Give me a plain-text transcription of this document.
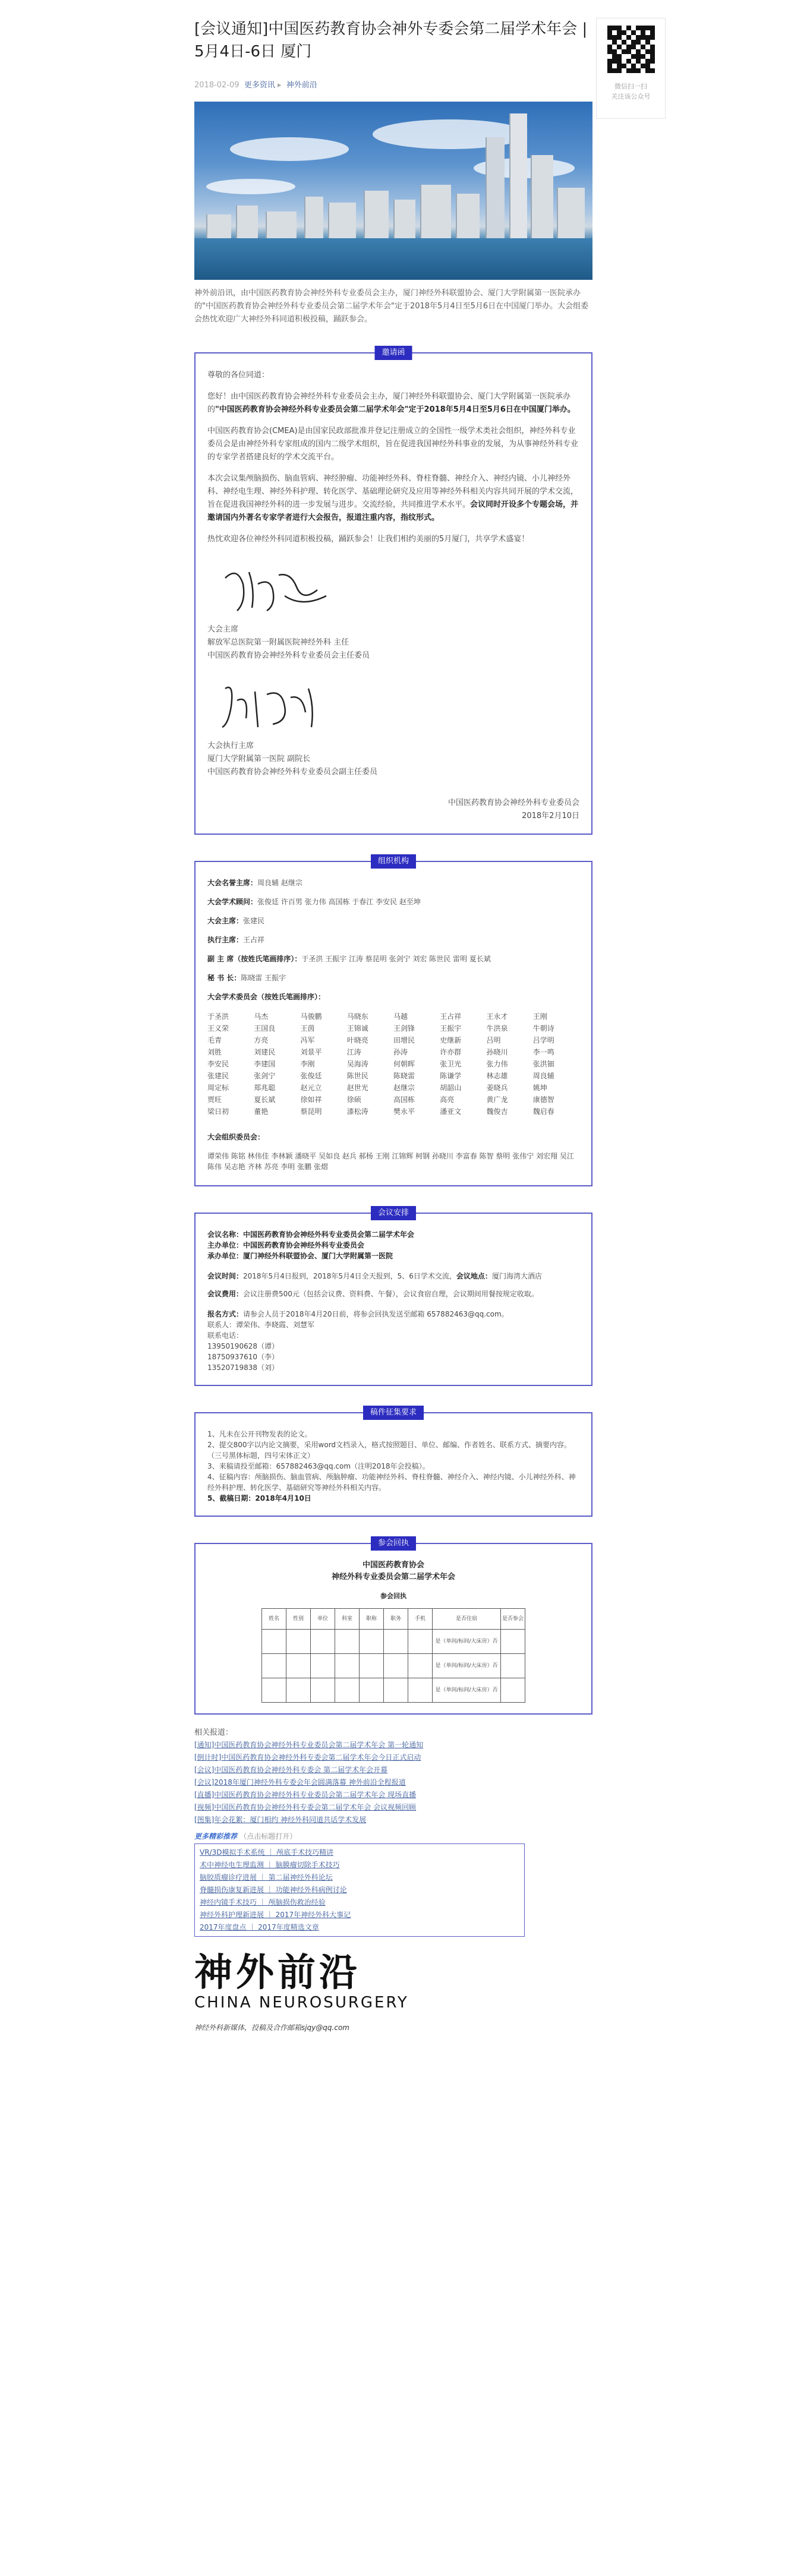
[会议通知]中国医药教育协会神外专委会第二届学术年会 | 5月4日-6日 厦门
2018-02-09 更多资讯 ▸  神外前沿
神外前沿讯，由中国医药教育协会神经外科专业委员会主办，厦门神经外科联盟协会、厦门大学附属第一医院承办的"中国医药教育协会神经外科专业委员会第二届学术年会"定于2018年5月4日至5月6日在中国厦门举办。大会组委会热忱欢迎广大神经外科同道积极投稿，踊跃参会。
邀请函

尊敬的各位同道：

您好！由中国医药教育协会神经外科专业委员会主办，厦门神经外科联盟协会、厦门大学附属第一医院承办的"中国医药教育协会神经外科专业委员会第二届学术年会"定于2018年5月4日至5月6日在中国厦门举办。

中国医药教育协会(CMEA)是由国家民政部批准并登记注册成立的全国性一级学术类社会组织，神经外科专业委员会是由神经外科专家组成的国内二级学术组织，旨在促进我国神经外科事业的发展，为从事神经外科专业的专家学者搭建良好的学术交流平台。

本次会议集颅脑损伤、脑血管病、神经肿瘤、功能神经外科、脊柱脊髓、神经介入、神经内镜、小儿神经外科、神经电生理、神经外科护理、转化医学、基础理论研究及应用等神经外科相关内容共同开展的学术交流，旨在促进我国神经外科的进一步发展与进步。交流经验，共同推进学术水平。会议同时开设多个专题会场，并邀请国内外著名专家学者进行大会报告，报道注重内容，指纹形式。

热忱欢迎各位神经外科同道积极投稿，踊跃参会！让我们相约美丽的5月厦门，共享学术盛宴！

大会主席

解放军总医院第一附属医院神经外科 主任

中国医药教育协会神经外科专业委员会主任委员

大会执行主席

厦门大学附属第一医院 副院长

中国医药教育协会神经外科专业委员会副主任委员

中国医药教育协会神经外科专业委员会

2018年2月10日

组织机构

大会名誉主席：周良辅 赵继宗

大会学术顾问：张俊廷 许百男 张力伟 高国栋 于春江 李安民 赵至坤

大会主席：张建民

执行主席：王占祥

副 主 席（按姓氏笔画排序）：于圣洪 王振宇 江涛 蔡昆明 张剑宁 刘宏 陈世民 雷明 夏长斌

秘 书 长：陈晓雷 王振宇

大会学术委员会（按姓氏笔画排序）：

于圣洪	马杰	马骏鹏	马晓东	马越	王占祥	王永才	王刚
王义荣	王国良	王茵	王锦诚	王剑锋	王振宇	牛洪泉	牛朝诗
毛青	方亮	冯军	叶晓亮	田增民	史继新	吕明	吕学明
刘胜	刘建民	刘景平	江涛	孙涛	许亦群	孙晓川	李一鸣
李安民	李建国	李刚	吴海涛	何朝晖	张卫光	张力伟	张洪钿
张建民	张剑宁	张俊廷	陈世民	陈晓雷	陈谦学	林志雄	周良辅
周定标	郑兆聪	赵元立	赵世光	赵继宗	胡韶山	姜晓兵	姚坤
贾旺	夏长斌	徐如祥	徐硕	高国栋	高亮	黄广龙	康德智
梁日初	董艳	蔡昆明	漆松涛	樊永平	潘亚文	魏俊吉	魏启春

大会组织委员会：

谭荣伟 陈铭 林伟佳 李林颖 潘晓平 吴如良 赵兵 郝杨 王刚 江锦辉 柯钢 孙晓川 李富春 陈智 蔡明 张伟宁 刘宏翔 吴江 陈伟 吴志艳 齐林 苏亮 李明 张鹏 张熠

会议安排

会议名称：中国医药教育协会神经外科专业委员会第二届学术年会

主办单位：中国医药教育协会神经外科专业委员会

承办单位：厦门神经外科联盟协会、厦门大学附属第一医院

会议时间：2018年5月4日报到，2018年5月4日全天报到，5、6日学术交流，会议地点：厦门海湾大酒店

会议费用：会议注册费500元（包括会议费、资料费、午餐），会议食宿自理，会议期间用餐按规定收取。

报名方式：请参会人员于2018年4月20日前，将参会回执发送至邮箱 657882463@qq.com。

联系人：谭荣伟、李晓霞、刘慧军

联系电话：

13950190628（谭）

18750937610（李）

13520719838（刘）

稿件征集要求

1、凡未在公开刊物发表的论文。

2、提交800字以内论文摘要，采用word文档录入，格式按照题目、单位、邮编、作者姓名、联系方式、摘要内容。（三号黑体标题，四号宋体正文）

3、来稿请投至邮箱：657882463@qq.com（注明2018年会投稿）。

4、征稿内容：颅脑损伤、脑血管病、颅脑肿瘤、功能神经外科、脊柱脊髓、神经介入、神经内镜、小儿神经外科、神经外科护理、转化医学、基础研究等神经外科相关内容。

5、截稿日期：2018年4月10日

参会回执
中国医药教育协会
神经外科专业委员会第二届学术年会
参会回执
姓名	性别	单位	科室	职称	职务	手机	是否住宿	是否参会
							是（单间/标间/大床房）否	
							是（单间/标间/大床房）否	
							是（单间/标间/大床房）否	
相关报道：
[通知]中国医药教育协会神经外科专业委员会第二届学术年会 第一轮通知
[倒计时]中国医药教育协会神经外科专委会第二届学术年会今日正式启动
[会议]中国医药教育协会神经外科专委会 第二届学术年会开幕
[会议]2018年厦门神经外科专委会年会圆满落幕 神外前沿全程报道
[直播]中国医药教育协会神经外科专业委员会第二届学术年会 现场直播
[视频]中国医药教育协会神经外科专委会第二届学术年会 会议视频回顾
[图集]年会花絮：厦门相约 神经外科同道共话学术发展
更多精彩推荐 （点击标题打开）
VR/3D模拟手术系统 ｜ 颅底手术技巧精讲
术中神经电生理监测 ｜ 脑膜瘤切除手术技巧
脑胶质瘤诊疗进展 ｜ 第二届神经外科论坛
脊髓损伤康复新进展 ｜ 功能神经外科病例讨论
神经内镜手术技巧 ｜ 颅脑损伤救治经验
神经外科护理新进展 ｜ 2017年神经外科大事记
2017年度盘点 ｜ 2017年度精选文章
神外前沿
CHINA NEUROSURGERY
神经外科新媒体，投稿及合作邮箱sjqy@qq.com
微信扫一扫
关注该公众号
